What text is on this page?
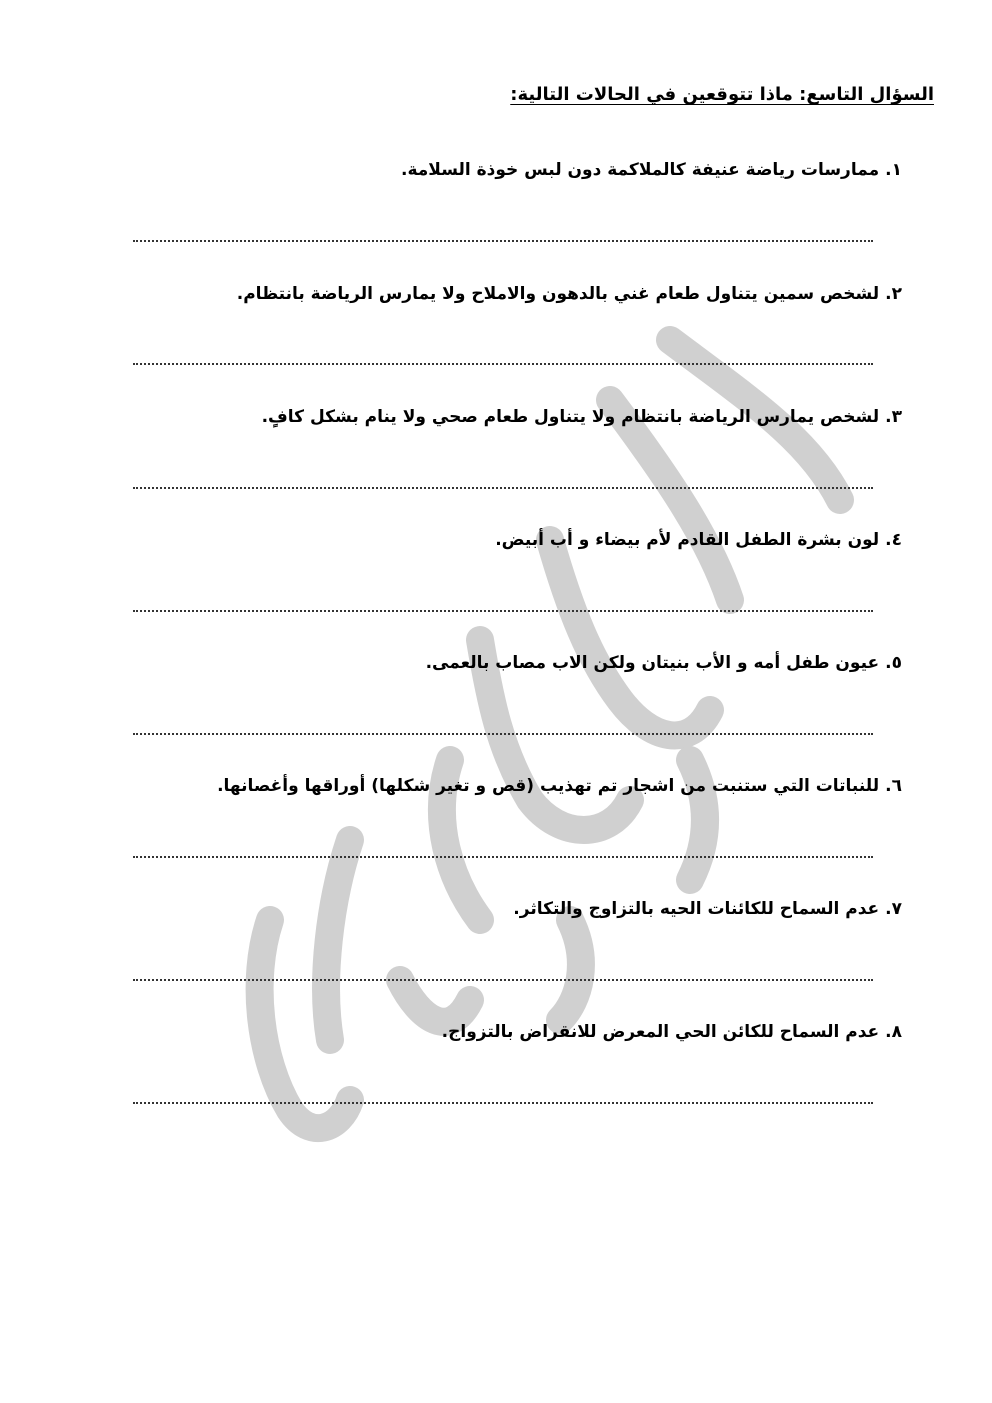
السؤال التاسع: ماذا تتوقعين في الحالات التالية:
١.
ممارسات رياضة عنيفة كالملاكمة دون لبس خوذة السلامة.
٢.
لشخص سمين يتناول طعام غني بالدهون والاملاح ولا يمارس الرياضة بانتظام.
٣.
لشخص يمارس الرياضة بانتظام ولا يتناول طعام صحي ولا ينام بشكل كافٍ.
٤.
لون بشرة الطفل القادم لأم بيضاء و أب أبيض.
٥.
عيون طفل أمه و الأب بنيتان ولكن الاب مصاب بالعمى.
٦.
للنباتات التي ستنبت من اشجار تم تهذيب (قص و تغير شكلها) أوراقها وأغصانها.
٧.
عدم السماح للكائنات الحيه بالتزاوج والتكاثر.
٨.
عدم السماح للكائن الحي المعرض للانقراض بالتزواج.
